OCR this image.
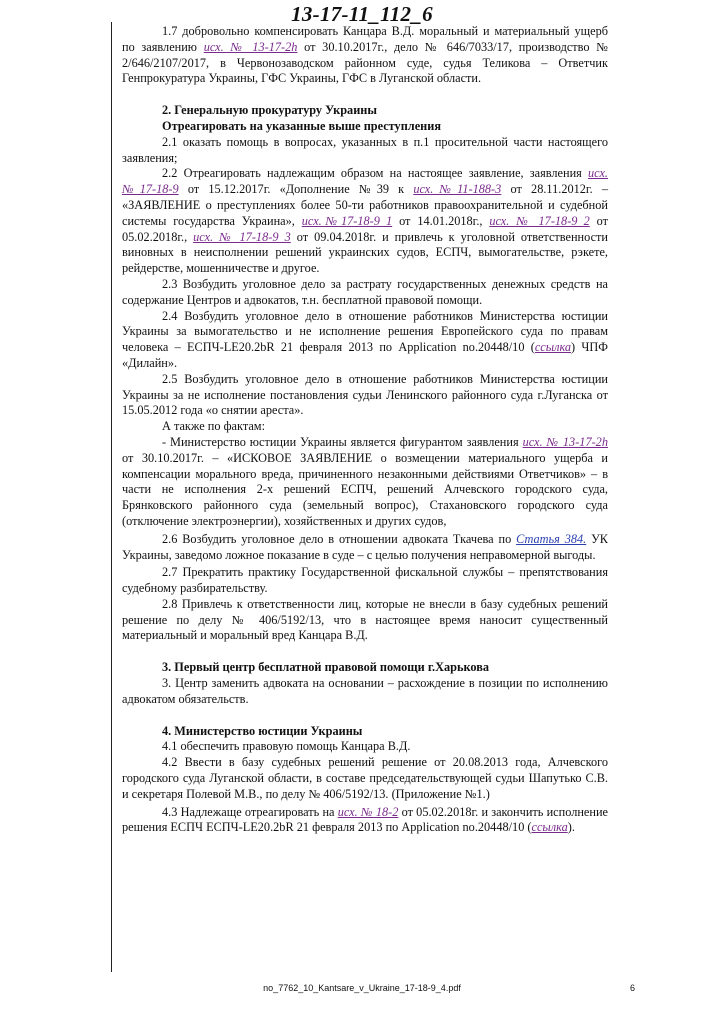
13-17-11_112_6

1.7 добровольно компенсировать Канцара В.Д. моральный и материальный ущерб по заявлению исх. № 13-17-2h от 30.10.2017г., дело № 646/7033/17, производство № 2/646/2107/2017, в Червонозаводском районном суде, судья Теликова – Ответчик Генпрокуратура Украины, ГФС Украины, ГФС в Луганской области.

2. Генеральную прокуратуру Украины

Отреагировать на указанные выше преступления

2.1 оказать помощь в вопросах, указанных в п.1 просительной части настоящего заявления;

2.2 Отреагировать надлежащим образом на настоящее заявление, заявления исх.№17-18-9 от 15.12.2017г. «Дополнение №39 к исх.№11-188-3 от 28.11.2012г. – «ЗАЯВЛЕНИЕ о преступлениях более 50-ти работников правоохранительной и судебной системы государства Украина», исх.№17-18-9_1 от 14.01.2018г., исх. № 17-18-9_2 от 05.02.2018г., исх. № 17-18-9_3 от 09.04.2018г. и привлечь к уголовной ответственности виновных в неисполнении решений украинских судов, ЕСПЧ, вымогательстве, рэкете, рейдерстве, мошенничестве и другое.

2.3 Возбудить уголовное дело за растрату государственных денежных средств на содержание Центров и адвокатов, т.н. бесплатной правовой помощи.

2.4 Возбудить уголовное дело в отношение работников Министерства юстиции Украины за вымогательство и не исполнение решения Европейского суда по правам человека – ЕСПЧ-LE20.2bR 21 февраля 2013 по Application no.20448/10 (ссылка) ЧПФ «Дилайн».

2.5 Возбудить уголовное дело в отношение работников Министерства юстиции Украины за не исполнение постановления судьи Ленинского районного суда г.Луганска от 15.05.2012 года «о снятии ареста».

А также по фактам:

- Министерство юстиции Украины является фигурантом заявления исх. № 13-17-2h от 30.10.2017г. – «ИСКОВОЕ ЗАЯВЛЕНИЕ о возмещении материального ущерба и компенсации морального вреда, причиненного незаконными действиями Ответчиков» – в части не исполнения 2-х решений ЕСПЧ, решений Алчевского городского суда, Брянковского районного суда (земельный вопрос), Стахановского городского суда (отключение электроэнергии), хозяйственных и других судов,

2.6 Возбудить уголовное дело в отношении адвоката Ткачева по Статья 384. УК Украины, заведомо ложное показание в суде – с целью получения неправомерной выгоды.

2.7 Прекратить практику Государственной фискальной службы – препятствования судебному разбирательству.

2.8 Привлечь к ответственности лиц, которые не внесли в базу судебных решений решение по делу № 406/5192/13, что в настоящее время наносит существенный материальный и моральный вред Канцара В.Д.

3. Первый центр бесплатной правовой помощи г.Харькова

3. Центр заменить адвоката на основании – расхождение в позиции по исполнению адвокатом обязательств.

4. Министерство юстиции Украины

4.1 обеспечить правовую помощь Канцара В.Д.

4.2 Ввести в базу судебных решений решение от 20.08.2013 года, Алчевского городского суда Луганской области, в составе председательствующей судьи Шапутько С.В. и секретаря Полевой М.В., по делу № 406/5192/13. (Приложение №1.)

4.3 Надлежаще отреагировать на исх. № 18-2 от 05.02.2018г. и закончить исполнение решения ЕСПЧ ЕСПЧ-LE20.2bR 21 февраля 2013 по Application no.20448/10 (ссылка).

no_7762_10_Kantsare_v_Ukraine_17-18-9_4.pdf	6
